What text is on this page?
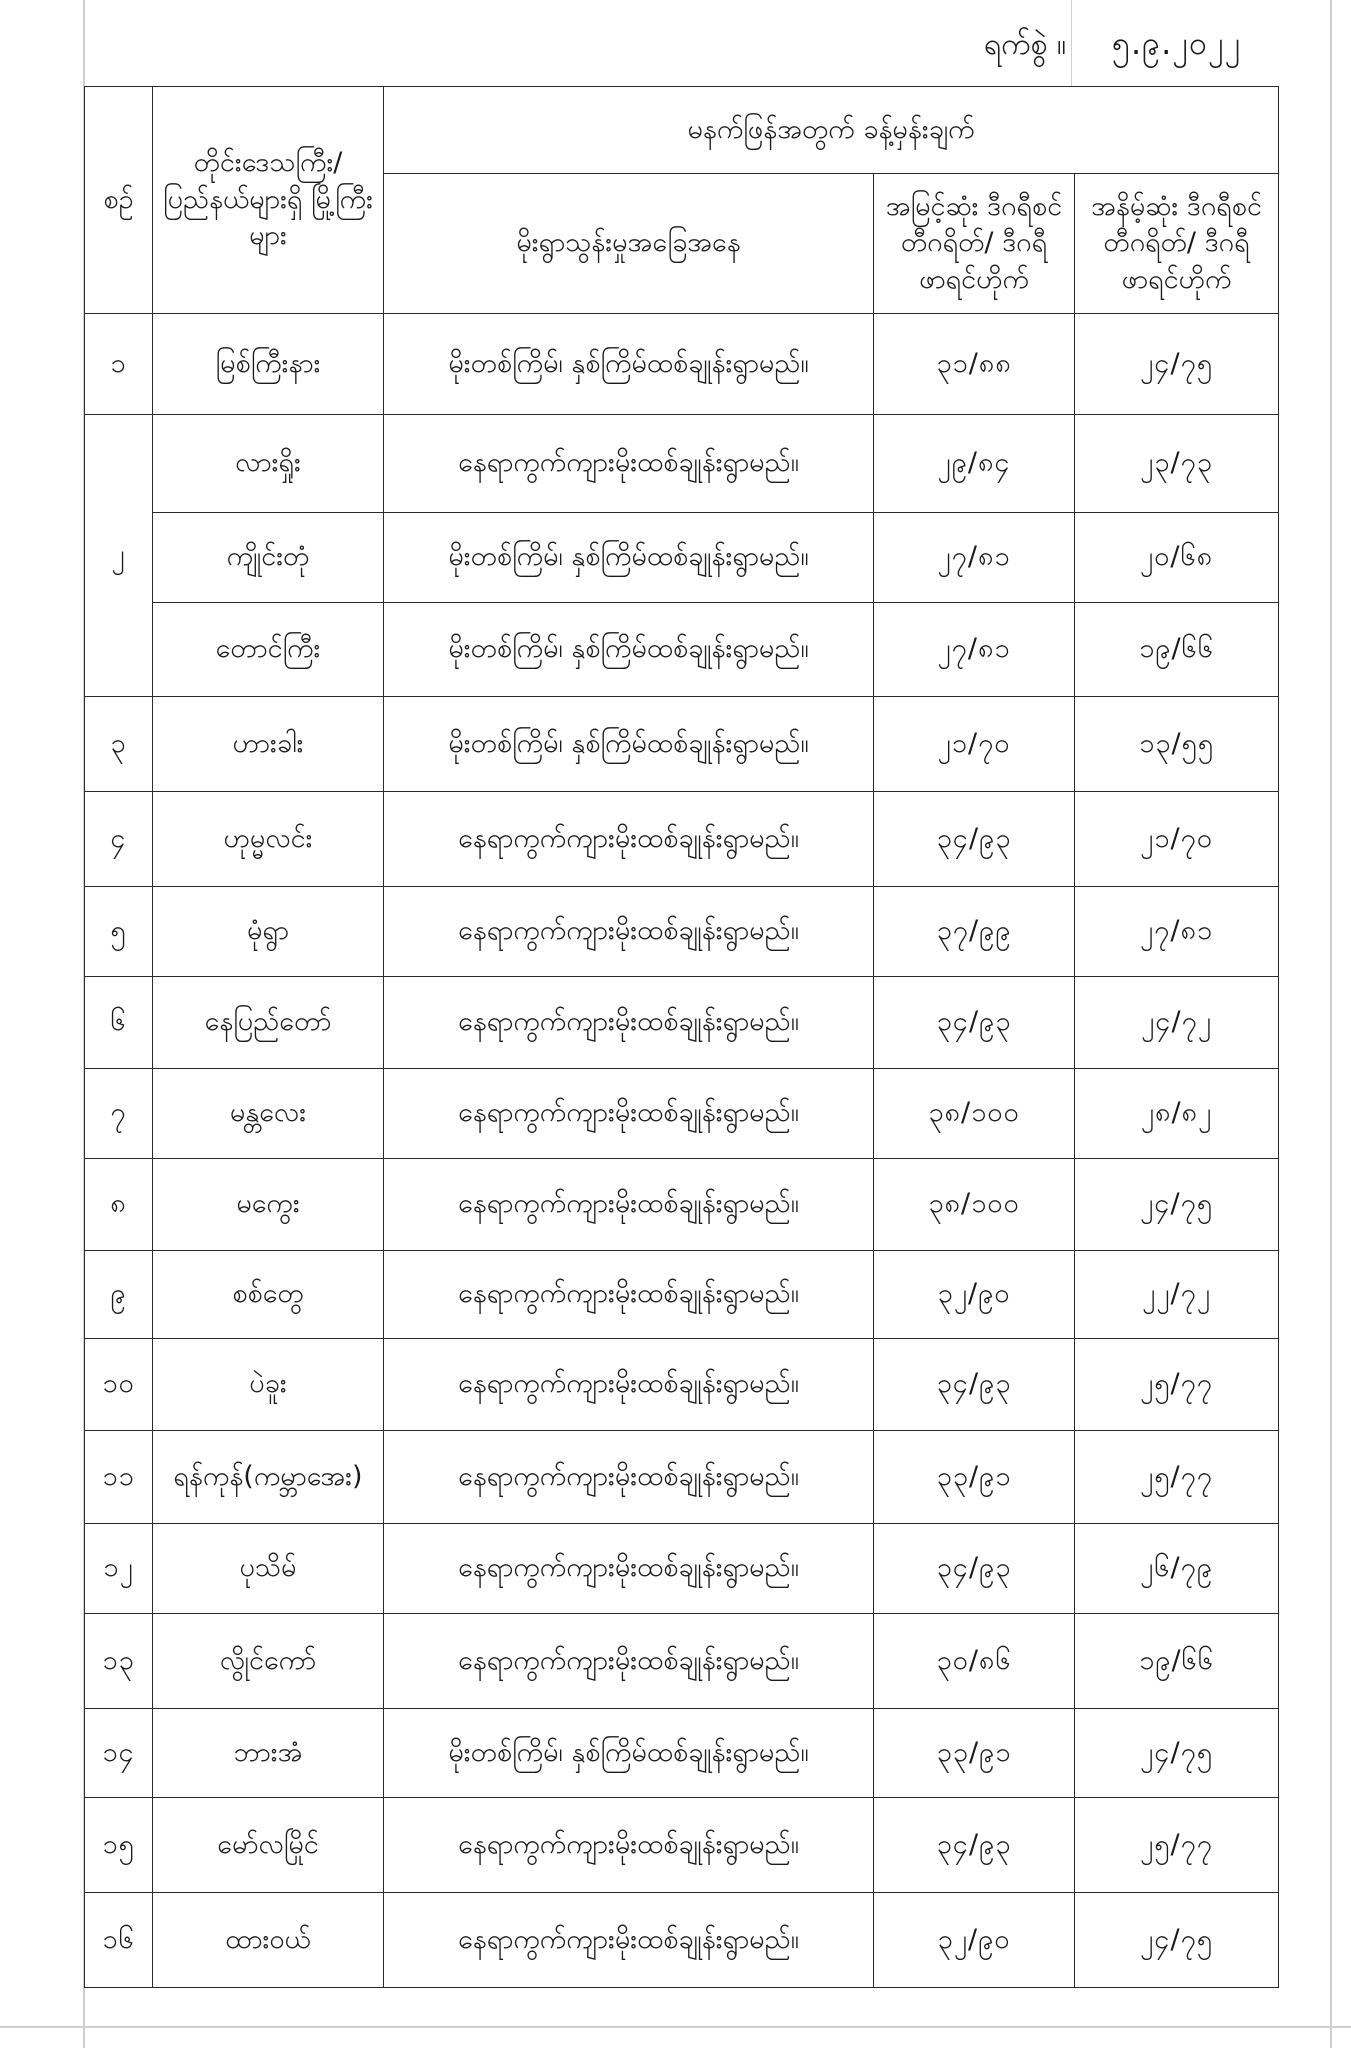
ရက်စွဲ ။ ၅.၉.၂၀၂၂
စဉ်	တိုင်းဒေသကြီး/ ပြည်နယ်များရှိ မြို့ကြီးများ	မနက်ဖြန်အတွက် ခန့်မှန်းချက်		
		မိုးရွာသွန်းမှုအခြေအနေ	အမြင့်ဆုံး ဒီဂရီစင်တီဂရိတ်/ ဒီဂရီဖာရင်ဟိုက်	အနိမ့်ဆုံး ဒီဂရီစင်တီဂရိတ်/ ဒီဂရီဖာရင်ဟိုက်
၁	မြစ်ကြီးနား	မိုးတစ်ကြိမ်၊ နှစ်ကြိမ်ထစ်ချုန်းရွာမည်။	၃၁/၈၈	၂၄/၇၅
၂	လားရှိုး	နေရာကွက်ကျားမိုးထစ်ချုန်းရွာမည်။	၂၉/၈၄	၂၃/၇၃
	ကျိုင်းတုံ	မိုးတစ်ကြိမ်၊ နှစ်ကြိမ်ထစ်ချုန်းရွာမည်။	၂၇/၈၁	၂၀/၆၈
	တောင်ကြီး	မိုးတစ်ကြိမ်၊ နှစ်ကြိမ်ထစ်ချုန်းရွာမည်။	၂၇/၈၁	၁၉/၆၆
၃	ဟားခါး	မိုးတစ်ကြိမ်၊ နှစ်ကြိမ်ထစ်ချုန်းရွာမည်။	၂၁/၇၀	၁၃/၅၅
၄	ဟုမ္မလင်း	နေရာကွက်ကျားမိုးထစ်ချုန်းရွာမည်။	၃၄/၉၃	၂၁/၇၀
၅	မုံရွာ	နေရာကွက်ကျားမိုးထစ်ချုန်းရွာမည်။	၃၇/၉၉	၂၇/၈၁
၆	နေပြည်တော်	နေရာကွက်ကျားမိုးထစ်ချုန်းရွာမည်။	၃၄/၉၃	၂၄/၇၂
၇	မန္တလေး	နေရာကွက်ကျားမိုးထစ်ချုန်းရွာမည်။	၃၈/၁၀၀	၂၈/၈၂
၈	မကွေး	နေရာကွက်ကျားမိုးထစ်ချုန်းရွာမည်။	၃၈/၁၀၀	၂၄/၇၅
၉	စစ်တွေ	နေရာကွက်ကျားမိုးထစ်ချုန်းရွာမည်။	၃၂/၉၀	၂၂/၇၂
၁၀	ပဲခူး	နေရာကွက်ကျားမိုးထစ်ချုန်းရွာမည်။	၃၄/၉၃	၂၅/၇၇
၁၁	ရန်ကုန်(ကမ္ဘာအေး)	နေရာကွက်ကျားမိုးထစ်ချုန်းရွာမည်။	၃၃/၉၁	၂၅/၇၇
၁၂	ပုသိမ်	နေရာကွက်ကျားမိုးထစ်ချုန်းရွာမည်။	၃၄/၉၃	၂၆/၇၉
၁၃	လွိုင်ကော်	နေရာကွက်ကျားမိုးထစ်ချုန်းရွာမည်။	၃၀/၈၆	၁၉/၆၆
၁၄	ဘားအံ	မိုးတစ်ကြိမ်၊ နှစ်ကြိမ်ထစ်ချုန်းရွာမည်။	၃၃/၉၁	၂၄/၇၅
၁၅	မော်လမြိုင်	နေရာကွက်ကျားမိုးထစ်ချုန်းရွာမည်။	၃၄/၉၃	၂၅/၇၇
၁၆	ထားဝယ်	နေရာကွက်ကျားမိုးထစ်ချုန်းရွာမည်။	၃၂/၉၀	၂၄/၇၅
